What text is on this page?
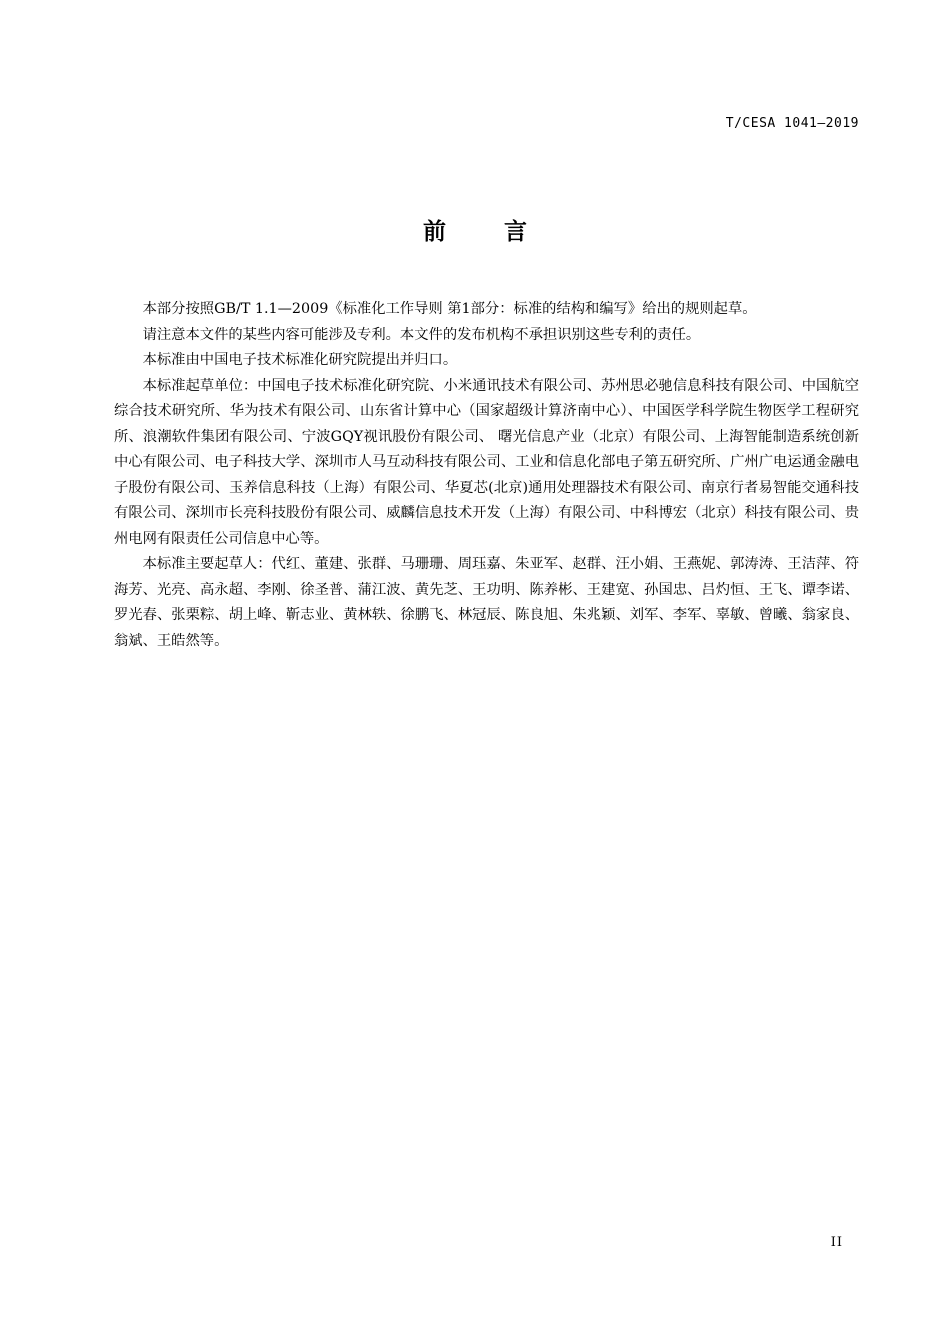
T/CESA 1041—2019
前言

本部分按照GB/T 1.1—2009《标准化工作导则 第1部分：标准的结构和编写》给出的规则起草。

请注意本文件的某些内容可能涉及专利。本文件的发布机构不承担识别这些专利的责任。

本标准由中国电子技术标准化研究院提出并归口。

本标准起草单位：中国电子技术标准化研究院、小米通讯技术有限公司、苏州思必驰信息科技有限公司、中国航空综合技术研究所、华为技术有限公司、山东省计算中心（国家超级计算济南中心）、中国医学科学院生物医学工程研究所、浪潮软件集团有限公司、宁波GQY视讯股份有限公司、 曙光信息产业（北京）有限公司、上海智能制造系统创新中心有限公司、电子科技大学、深圳市人马互动科技有限公司、工业和信息化部电子第五研究所、广州广电运通金融电子股份有限公司、玉养信息科技（上海）有限公司、华夏芯(北京)通用处理器技术有限公司、南京行者易智能交通科技有限公司、深圳市长亮科技股份有限公司、威麟信息技术开发（上海）有限公司、中科博宏（北京）科技有限公司、贵州电网有限责任公司信息中心等。

本标准主要起草人：代红、董建、张群、马珊珊、周珏嘉、朱亚军、赵群、汪小娟、王燕妮、郭涛涛、王洁萍、符海芳、光亮、高永超、李刚、徐圣普、蒲江波、黄先芝、王功明、陈养彬、王建宽、孙国忠、吕灼恒、王飞、谭李诺、罗光春、张栗粽、胡上峰、靳志业、黄林轶、徐鹏飞、林冠辰、陈良旭、朱兆颖、刘军、李军、辜敏、曾曦、翁家良、翁斌、王皓然等。

II
